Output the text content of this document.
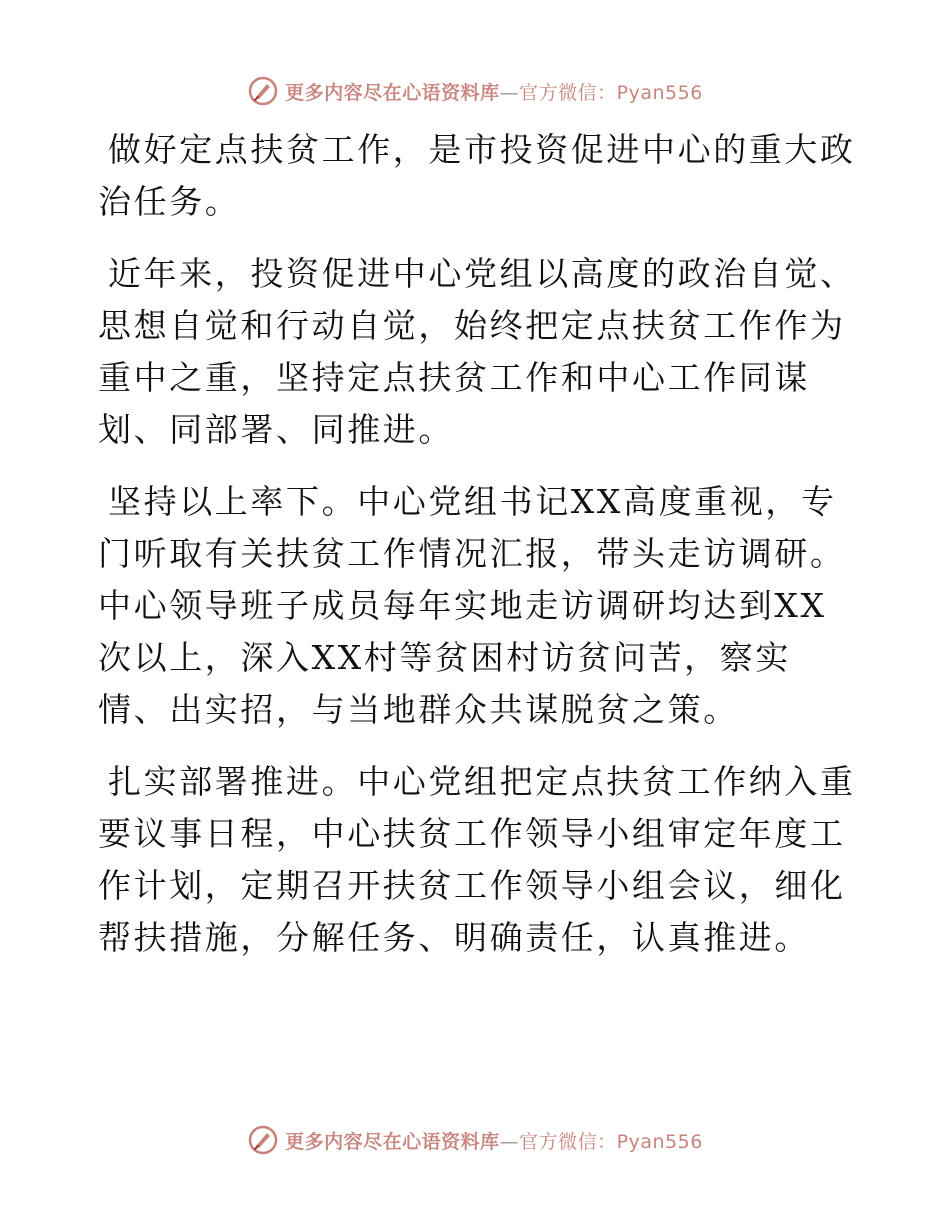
更多内容尽在心语资料库—官方微信：Pyan556

做好定点扶贫工作，是市投资促进中心的重大政治任务。

近年来，投资促进中心党组以高度的政治自觉、思想自觉和行动自觉，始终把定点扶贫工作作为重中之重，坚持定点扶贫工作和中心工作同谋划、同部署、同推进。

坚持以上率下。中心党组书记XX高度重视，专门听取有关扶贫工作情况汇报，带头走访调研。中心领导班子成员每年实地走访调研均达到XX次以上，深入XX村等贫困村访贫问苦，察实情、出实招，与当地群众共谋脱贫之策。

扎实部署推进。中心党组把定点扶贫工作纳入重要议事日程，中心扶贫工作领导小组审定年度工作计划，定期召开扶贫工作领导小组会议，细化帮扶措施，分解任务、明确责任，认真推进。

更多内容尽在心语资料库—官方微信：Pyan556
